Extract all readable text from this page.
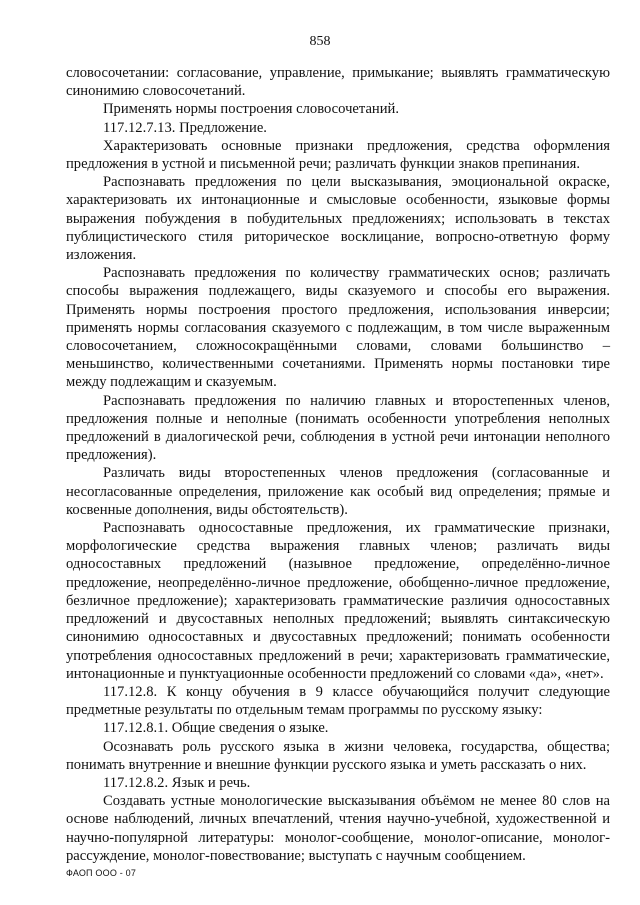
858

словосочетании: согласование, управление, примыкание; выявлять грамматическую синонимию словосочетаний.

Применять нормы построения словосочетаний.

117.12.7.13. Предложение.

Характеризовать основные признаки предложения, средства оформления предложения в устной и письменной речи; различать функции знаков препинания.

Распознавать предложения по цели высказывания, эмоциональной окраске, характеризовать их интонационные и смысловые особенности, языковые формы выражения побуждения в побудительных предложениях; использовать в текстах публицистического стиля риторическое восклицание, вопросно-ответную форму изложения.

Распознавать предложения по количеству грамматических основ; различать способы выражения подлежащего, виды сказуемого и способы его выражения. Применять нормы построения простого предложения, использования инверсии; применять нормы согласования сказуемого с подлежащим, в том числе выраженным словосочетанием, сложносокращёнными словами, словами большинство – меньшинство, количественными сочетаниями. Применять нормы постановки тире между подлежащим и сказуемым.

Распознавать предложения по наличию главных и второстепенных членов, предложения полные и неполные (понимать особенности употребления неполных предложений в диалогической речи, соблюдения в устной речи интонации неполного предложения).

Различать виды второстепенных членов предложения (согласованные и несогласованные определения, приложение как особый вид определения; прямые и косвенные дополнения, виды обстоятельств).

Распознавать односоставные предложения, их грамматические признаки, морфологические средства выражения главных членов; различать виды односоставных предложений (назывное предложение, определённо-личное предложение, неопределённо-личное предложение, обобщенно-личное предложение, безличное предложение); характеризовать грамматические различия односоставных предложений и двусоставных неполных предложений; выявлять синтаксическую синонимию односоставных и двусоставных предложений; понимать особенности употребления односоставных предложений в речи; характеризовать грамматические, интонационные и пунктуационные особенности предложений со словами «да», «нет».

117.12.8. К концу обучения в 9 классе обучающийся получит следующие предметные результаты по отдельным темам программы по русскому языку:

117.12.8.1. Общие сведения о языке.

Осознавать роль русского языка в жизни человека, государства, общества; понимать внутренние и внешние функции русского языка и уметь рассказать о них.

117.12.8.2. Язык и речь.

Создавать устные монологические высказывания объёмом не менее 80 слов на основе наблюдений, личных впечатлений, чтения научно-учебной, художественной и научно-популярной литературы: монолог-сообщение, монолог-описание, монолог-рассуждение, монолог-повествование; выступать с научным сообщением.

ФАОП ООО - 07
